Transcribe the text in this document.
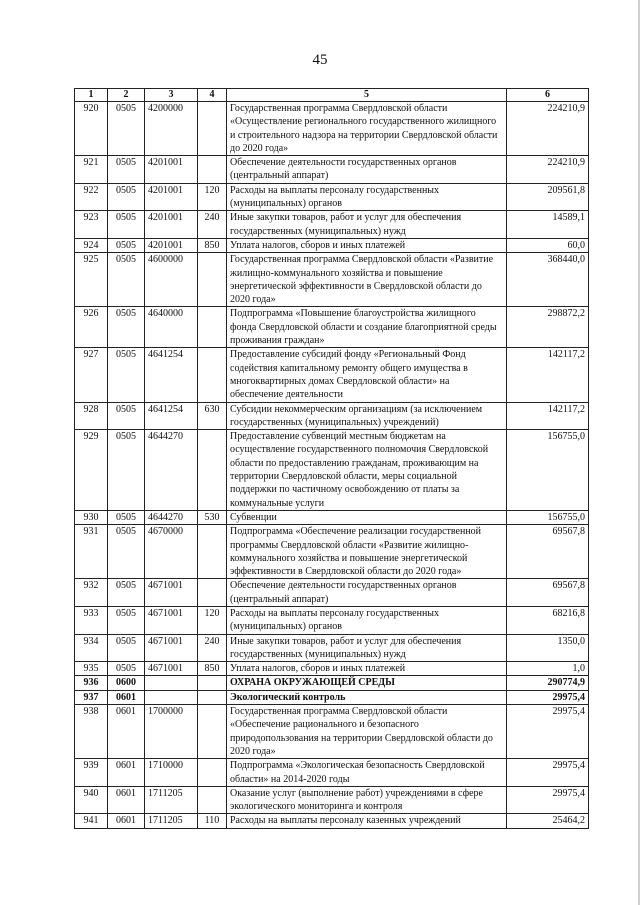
45
1	2	3	4	5	6
920	0505	4200000		Государственная программа Свердловской области «Осуществление регионального государственного жилищного и строительного надзора на территории Свердловской области до 2020 года»	224210,9
921	0505	4201001		Обеспечение деятельности государственных органов (центральный аппарат)	224210,9
922	0505	4201001	120	Расходы на выплаты персоналу государственных (муниципальных) органов	209561,8
923	0505	4201001	240	Иные закупки товаров, работ и услуг для обеспечения государственных (муниципальных) нужд	14589,1
924	0505	4201001	850	Уплата налогов, сборов и иных платежей	60,0
925	0505	4600000		Государственная программа Свердловской области «Развитие жилищно-коммунального хозяйства и повышение энергетической эффективности в Свердловской области до 2020 года»	368440,0
926	0505	4640000		Подпрограмма «Повышение благоустройства жилищного фонда Свердловской области и создание благоприятной среды проживания граждан»	298872,2
927	0505	4641254		Предоставление субсидий фонду «Региональный Фонд содействия капитальному ремонту общего имущества в многоквартирных домах Свердловской области» на обеспечение деятельности	142117,2
928	0505	4641254	630	Субсидии некоммерческим организациям (за исключением государственных (муниципальных) учреждений)	142117,2
929	0505	4644270		Предоставление субвенций местным бюджетам на осуществление государственного полномочия Свердловской области по предоставлению гражданам, проживающим на территории Свердловской области, меры социальной поддержки по частичному освобождению от платы за коммунальные услуги	156755,0
930	0505	4644270	530	Субвенции	156755,0
931	0505	4670000		Подпрограмма «Обеспечение реализации государственной программы Свердловской области «Развитие жилищно-коммунального хозяйства и повышение энергетической эффективности в Свердловской области до 2020 года»	69567,8
932	0505	4671001		Обеспечение деятельности государственных органов (центральный аппарат)	69567,8
933	0505	4671001	120	Расходы на выплаты персоналу государственных (муниципальных) органов	68216,8
934	0505	4671001	240	Иные закупки товаров, работ и услуг для обеспечения государственных (муниципальных) нужд	1350,0
935	0505	4671001	850	Уплата налогов, сборов и иных платежей	1,0
936	0600			ОХРАНА ОКРУЖАЮЩЕЙ СРЕДЫ	290774,9
937	0601			Экологический контроль	29975,4
938	0601	1700000		Государственная программа Свердловской области «Обеспечение рационального и безопасного природопользования на территории Свердловской области до 2020 года»	29975,4
939	0601	1710000		Подпрограмма «Экологическая безопасность Свердловской области» на 2014-2020 годы	29975,4
940	0601	1711205		Оказание услуг (выполнение работ) учреждениями в сфере экологического мониторинга и контроля	29975,4
941	0601	1711205	110	Расходы на выплаты персоналу казенных учреждений	25464,2
